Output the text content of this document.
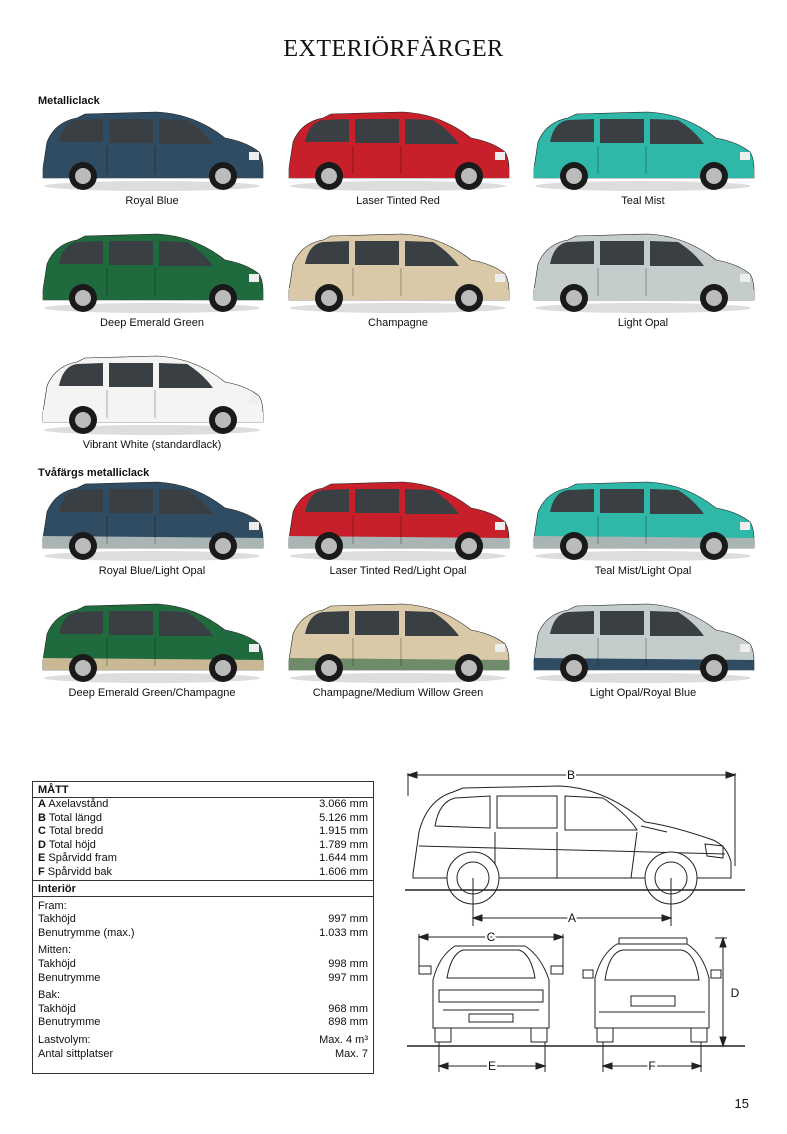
EXTERIÖRFÄRGER
Metalliclack
Tvåfärgs metalliclack
Royal Blue	Laser Tinted Red	Teal Mist
Deep Emerald Green	Champagne	Light Opal
Vibrant White (standardlack)
Royal Blue/Light Opal	Laser Tinted Red/Light Opal	Teal Mist/Light Opal
Deep Emerald Green/Champagne	Champagne/Medium Willow Green	Light Opal/Royal Blue
MÅTT
A Axelavstånd	3.066 mm
B Total längd	5.126 mm
C Total bredd	1.915 mm
D Total höjd	1.789 mm
E Spårvidd fram	1.644 mm
F Spårvidd bak	1.606 mm
Interiör
Fram:
Takhöjd	997 mm
Benutrymme (max.)	1.033 mm
Mitten:
Takhöjd	998 mm
Benutrymme	997 mm
Bak:
Takhöjd	968 mm
Benutrymme	898 mm
Lastvolym:	Max. 4 m³
Antal sittplatser	Max. 7
B
A
C
D
E	F
15
